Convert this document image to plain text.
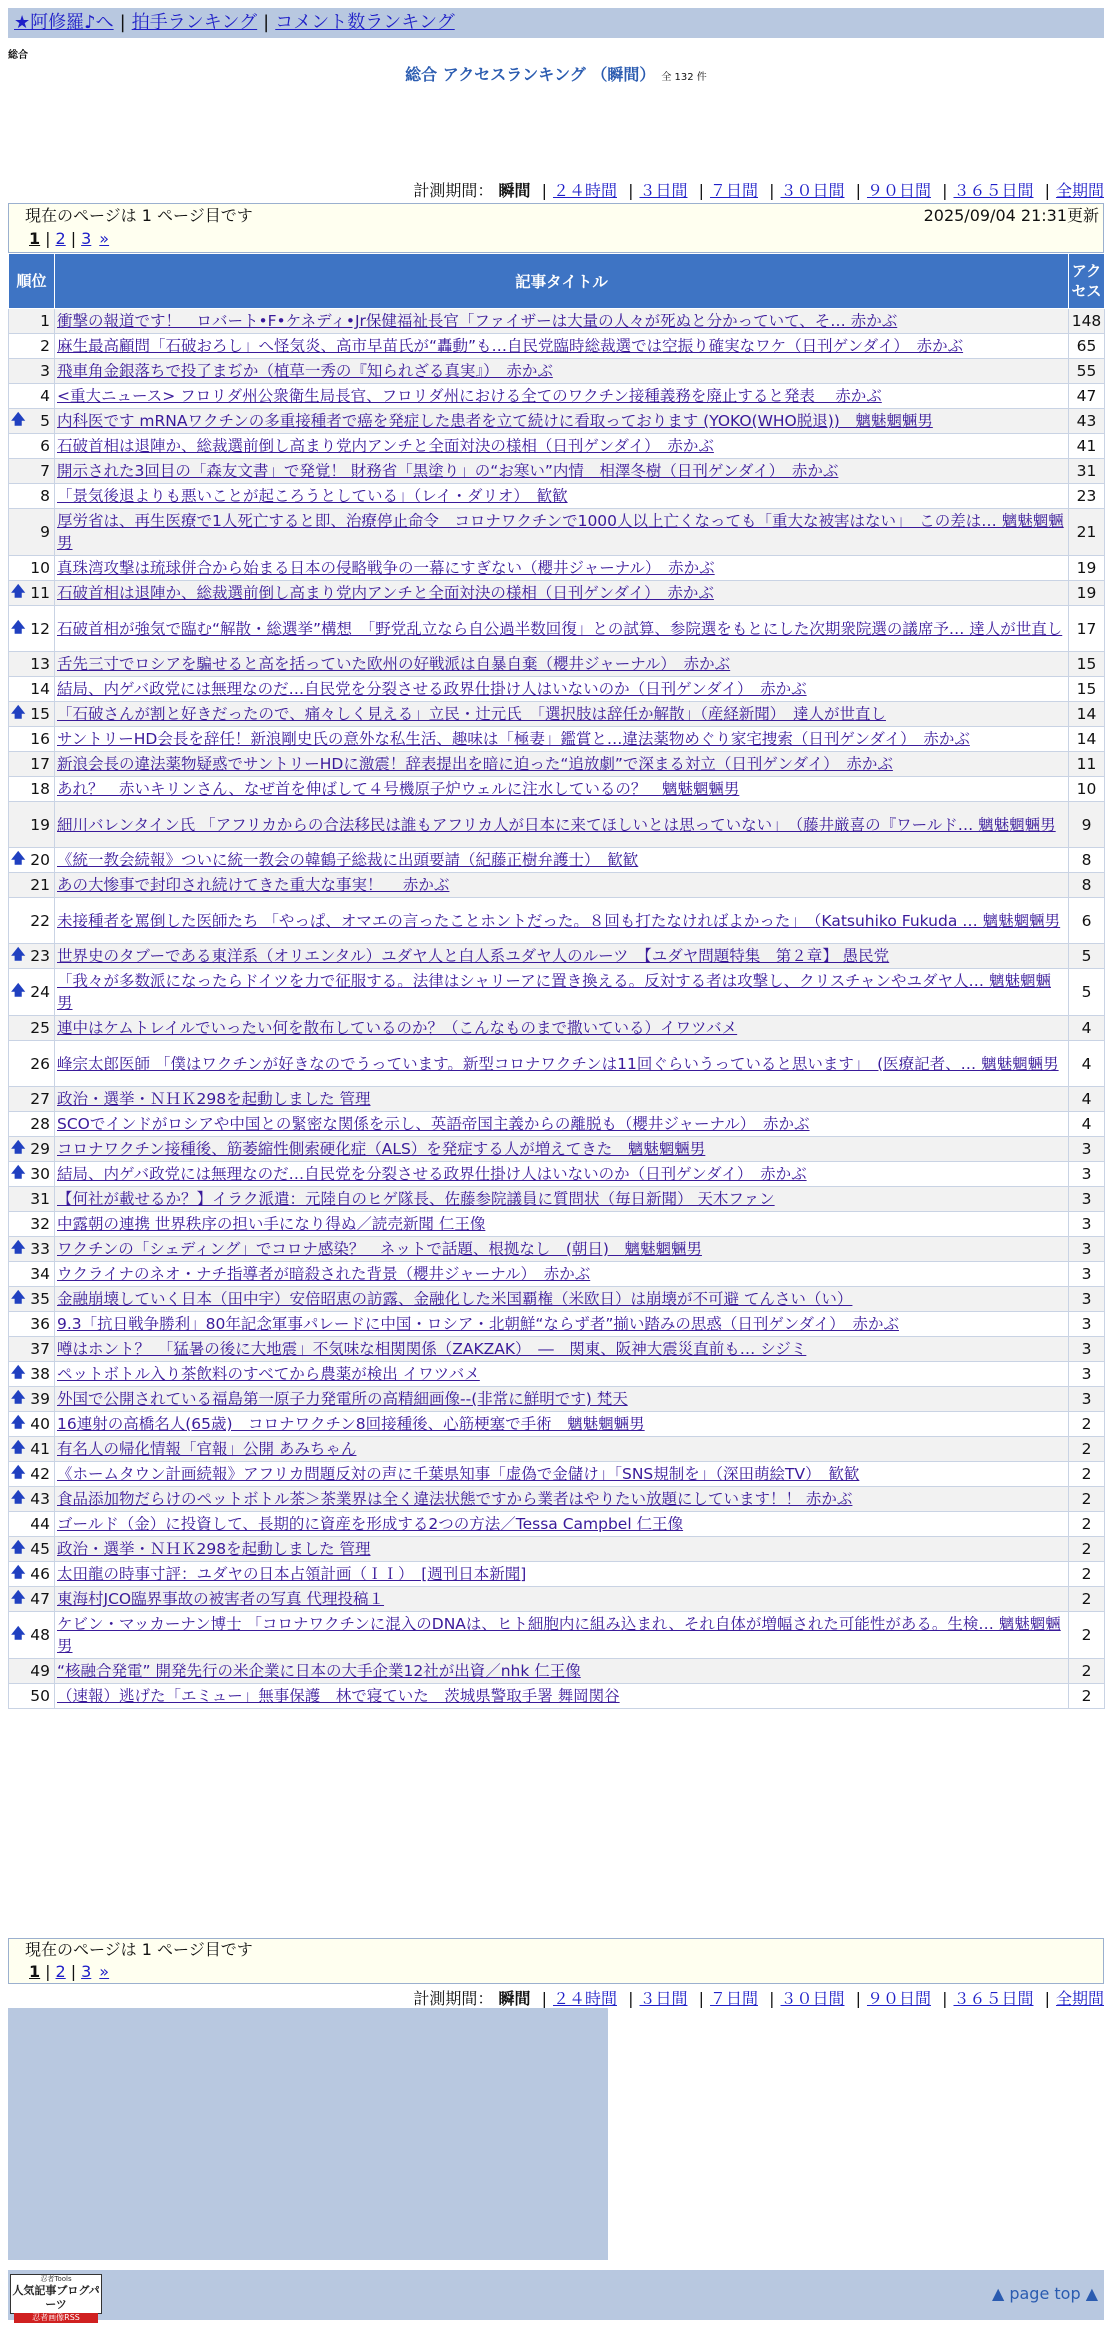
★阿修羅♪へ | 拍手ランキング | コメント数ランキング
総合
総合 アクセスランキング （瞬間） 全 132 件
計測期間： 瞬間 | ２４時間 | ３日間 | ７日間 | ３０日間 | ９０日間 | ３６５日間 | 全期間
現在のページは 1 ページ目です	2025/09/04 21:31更新
1 | 2 | 3 »
順位	記事タイトル	アクセス
1	衝撃の報道です！　ロバート•F•ケネディ•Jr保健福祉長官「ファイザーは大量の人々が死ぬと分かっていて、そ… 赤かぶ	148
2	麻生最高顧問「石破おろし」へ怪気炎、高市早苗氏が“轟動”も…自民党臨時総裁選では空振り確実なワケ（日刊ゲンダイ）　赤かぶ	65
3	飛車角金銀落ちで投了まぢか（植草一秀の『知られざる真実』）　赤かぶ	55
4	<重大ニュース> フロリダ州公衆衛生局長官、フロリダ州における全てのワクチン接種義務を廃止すると発表　 赤かぶ	47

🡅 5	内科医です mRNAワクチンの多重接種者で癌を発症した患者を立て続けに看取っております (YOKO(WHO脱退))　魑魅魍魎男	43
6	石破首相は退陣か、総裁選前倒し高まり党内アンチと全面対決の様相（日刊ゲンダイ）　赤かぶ	41
7	開示された3回目の「森友文書」で発覚！ 財務省「黒塗り」の“お寒い”内情　相澤冬樹（日刊ゲンダイ）　赤かぶ	31
8	「景気後退よりも悪いことが起ころうとしている」（レイ・ダリオ）　歓歓	23
9	厚労省は、再生医療で1人死亡すると即、治療停止命令　コロナワクチンで1000人以上亡くなっても「重大な被害はない」　この差は… 魑魅魍魎男	21
10	真珠湾攻撃は琉球併合から始まる日本の侵略戦争の一幕にすぎない（櫻井ジャーナル）　赤かぶ	19

🡅 11	石破首相は退陣か、総裁選前倒し高まり党内アンチと全面対決の様相（日刊ゲンダイ）　赤かぶ	19

🡅 12	石破首相が強気で臨む“解散・総選挙”構想　「野党乱立なら自公過半数回復」との試算、参院選をもとにした次期衆院選の議席予… 達人が世直し	17
13	舌先三寸でロシアを騙せると高を括っていた欧州の好戦派は自暴自棄（櫻井ジャーナル）　赤かぶ	15
14	結局、内ゲバ政党には無理なのだ…自民党を分裂させる政界仕掛け人はいないのか（日刊ゲンダイ）　赤かぶ	15

🡅 15	「石破さんが割と好きだったので、痛々しく見える」立民・辻元氏　「選択肢は辞任か解散」（産経新聞）　達人が世直し	14
16	サントリーHD会長を辞任！新浪剛史氏の意外な私生活、趣味は「極妻」鑑賞と…違法薬物めぐり家宅捜索（日刊ゲンダイ）　赤かぶ	14
17	新浪会長の違法薬物疑惑でサントリーHDに激震！辞表提出を暗に迫った“追放劇”で深まる対立（日刊ゲンダイ）　赤かぶ	11
18	あれ？　赤いキリンさん、なぜ首を伸ばして４号機原子炉ウェルに注水しているの？　魑魅魍魎男	10
19	細川バレンタイン氏 「アフリカからの合法移民は誰もアフリカ人が日本に来てほしいとは思っていない」　（藤井厳喜の『ワールド… 魑魅魍魎男	9

🡅 20	《統一教会続報》ついに統一教会の韓鶴子総裁に出頭要請（紀藤正樹弁護士）　歓歓	8
21	あの大惨事で封印され続けてきた重大な事実！　 赤かぶ	8
22	未接種者を罵倒した医師たち 「やっぱ、オマエの言ったことホントだった。８回も打たなければよかった」　（Katsuhiko Fukuda … 魑魅魍魎男	6

🡅 23	世界史のタブーである東洋系（オリエンタル）ユダヤ人と白人系ユダヤ人のルーツ　【ユダヤ問題特集　第２章】 愚民党	5

🡅 24	「我々が多数派になったらドイツを力で征服する。法律はシャリーアに置き換える。反対する者は攻撃し、クリスチャンやユダヤ人… 魑魅魍魎男	5
25	連中はケムトレイルでいったい何を散布しているのか？（こんなものまで撒いている）イワツバメ	4
26	峰宗太郎医師 「僕はワクチンが好きなのでうっています。新型コロナワクチンは11回ぐらいうっていると思います」　(医療記者、… 魑魅魍魎男	4
27	政治・選挙・ＮＨＫ298を起動しました 管理	4
28	SCOでインドがロシアや中国との緊密な関係を示し、英語帝国主義からの離脱も（櫻井ジャーナル）　赤かぶ	4

🡅 29	コロナワクチン接種後、筋萎縮性側索硬化症（ALS）を発症する人が増えてきた　魑魅魍魎男	3

🡅 30	結局、内ゲバ政党には無理なのだ…自民党を分裂させる政界仕掛け人はいないのか（日刊ゲンダイ）　赤かぶ	3
31	【何社が載せるか？】イラク派遣：元陸自のヒゲ隊長、佐藤参院議員に質問状（毎日新聞） 天木ファン	3
32	中露朝の連携 世界秩序の担い手になり得ぬ／読売新聞 仁王像	3

🡅 33	ワクチンの「シェディング」でコロナ感染？　ネットで話題、根拠なし　(朝日)　魑魅魍魎男	3
34	ウクライナのネオ・ナチ指導者が暗殺された背景（櫻井ジャーナル）　赤かぶ	3

🡅 35	金融崩壊していく日本（田中宇）安倍昭恵の訪露、金融化した米国覇権（米欧日）は崩壊が不可避 てんさい（い）	3
36	9.3「抗日戦争勝利」80年記念軍事パレードに中国・ロシア・北朝鮮“ならず者”揃い踏みの思惑（日刊ゲンダイ）　赤かぶ	3
37	噂はホント？　「猛暑の後に大地震」不気味な相関関係（ZAKZAK）　―　関東、阪神大震災直前も… シジミ	3

🡅 38	ペットボトル入り茶飲料のすべてから農薬が検出 イワツバメ	3

🡅 39	外国で公開されている福島第一原子力発電所の高精細画像--(非常に鮮明です) 梵天	3

🡅 40	16連射の高橋名人(65歳)　コロナワクチン8回接種後、心筋梗塞で手術　魑魅魍魎男	2

🡅 41	有名人の帰化情報「官報」公開 あみちゃん	2

🡅 42	《ホームタウン計画続報》アフリカ問題反対の声に千葉県知事「虚偽で金儲け」「SNS規制を」（深田萌絵TV）　歓歓	2

🡅 43	食品添加物だらけのペットボトル茶＞茶業界は全く違法状態ですから業者はやりたい放題にしています！！ 赤かぶ	2
44	ゴールド（金）に投資して、長期的に資産を形成する2つの方法／Tessa Campbel 仁王像	2

🡅 45	政治・選挙・ＮＨＫ298を起動しました 管理	2

🡅 46	太田龍の時事寸評：ユダヤの日本占領計画（ＩＩ）　[週刊日本新聞]	2

🡅 47	東海村JCO臨界事故の被害者の写真 代理投稿１	2

🡅 48	ケビン・マッカーナン博士 「コロナワクチンに混入のDNAは、ヒト細胞内に組み込まれ、それ自体が増幅された可能性がある。生検… 魑魅魍魎男	2
49	“核融合発電” 開発先行の米企業に日本の大手企業12社が出資／nhk 仁王像	2
50	（速報）逃げた「エミュー」無事保護　林で寝ていた　茨城県警取手署 舞岡関谷	2
現在のページは 1 ページ目です
1 | 2 | 3 »
計測期間： 瞬間 | ２４時間 | ３日間 | ７日間 | ３０日間 | ９０日間 | ３６５日間 | 全期間
忍者Tools
人気記事ブログパーツ
忍者画像RSS
▲ page top ▲
